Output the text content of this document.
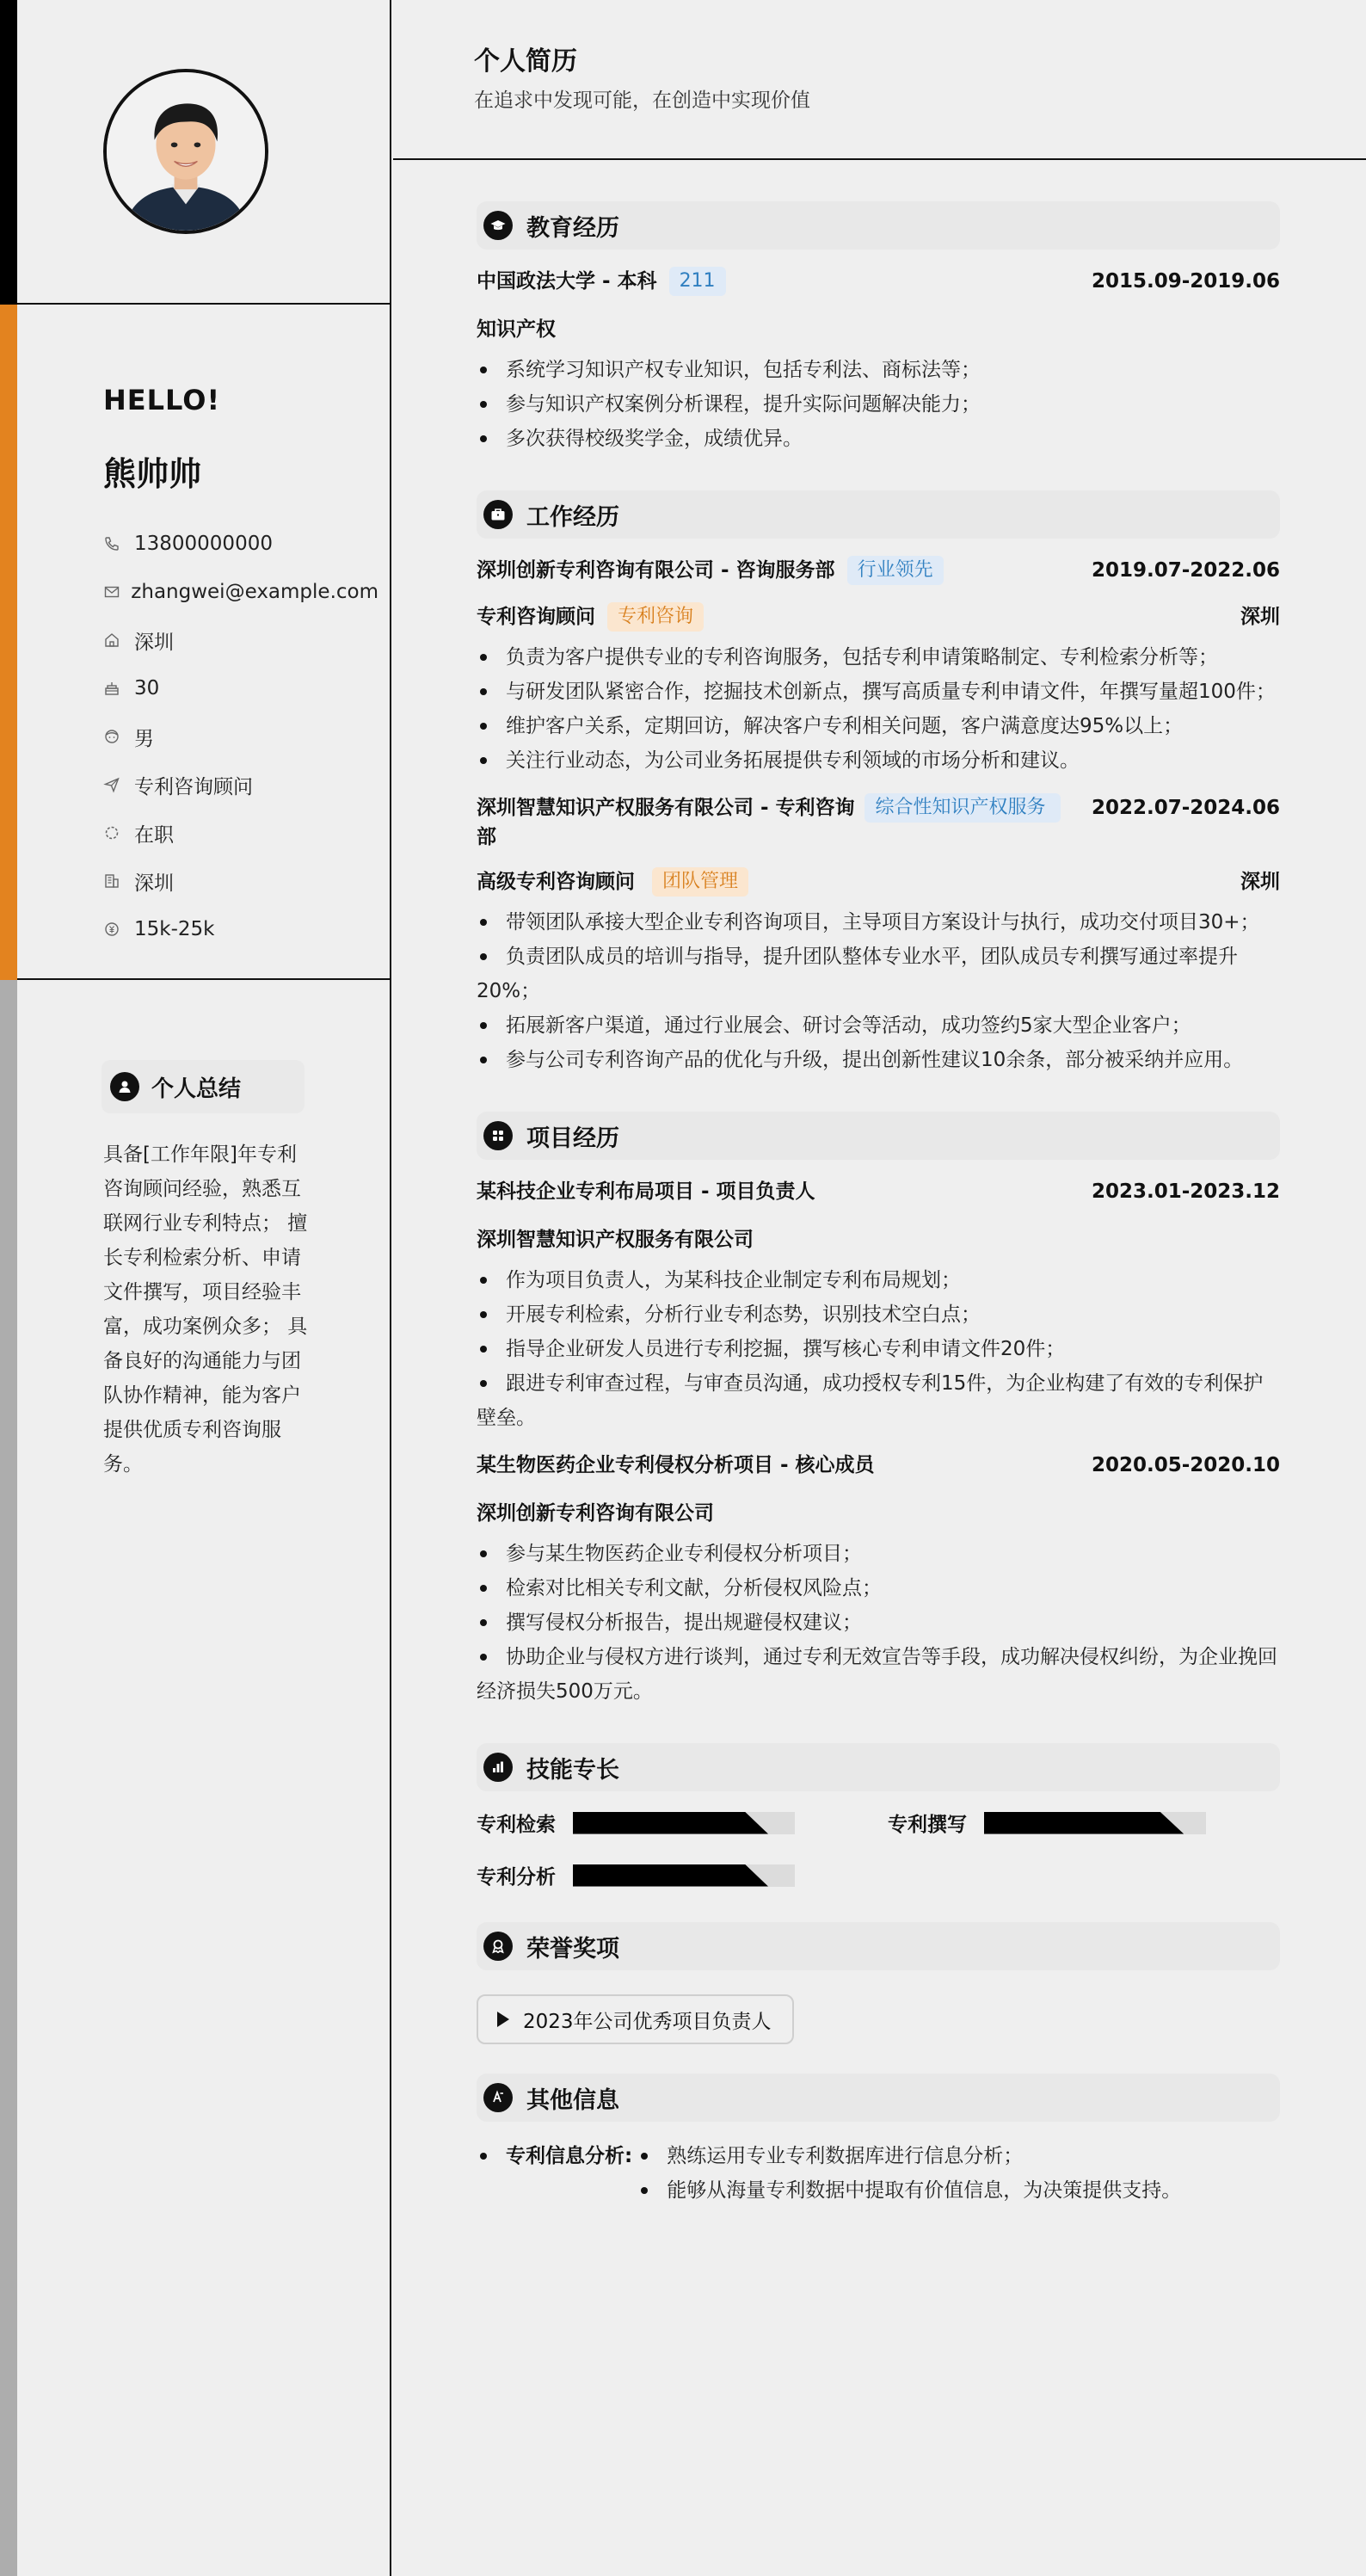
HELLO!
熊帅帅
13800000000
zhangwei@example.com
深圳
30
男
专利咨询顾问
在职
深圳
15k-25k
个人总结
具备[工作年限]年专利咨询顾问经验，熟悉互联网行业专利特点； 擅长专利检索分析、申请文件撰写，项目经验丰富，成功案例众多； 具备良好的沟通能力与团队协作精神，能为客户提供优质专利咨询服务。
个人简历
在追求中发现可能，在创造中实现价值
教育经历
中国政法大学 - 本科 211	2015.09-2019.06
知识产权
系统学习知识产权专业知识，包括专利法、商标法等；
参与知识产权案例分析课程，提升实际问题解决能力；
多次获得校级奖学金，成绩优异。
工作经历
深圳创新专利咨询有限公司 - 咨询服务部 行业领先	2019.07-2022.06
专利咨询顾问 专利咨询	深圳
负责为客户提供专业的专利咨询服务，包括专利申请策略制定、专利检索分析等；
与研发团队紧密合作，挖掘技术创新点，撰写高质量专利申请文件，年撰写量超100件；
维护客户关系，定期回访，解决客户专利相关问题，客户满意度达95%以上；
关注行业动态，为公司业务拓展提供专利领域的市场分析和建议。
深圳智慧知识产权服务有限公司 - 专利咨询部
综合性知识产权服务	2022.07-2024.06
高级专利咨询顾问 团队管理	深圳
带领团队承接大型企业专利咨询项目，主导项目方案设计与执行，成功交付项目30+；
负责团队成员的培训与指导，提升团队整体专业水平，团队成员专利撰写通过率提升20%；
拓展新客户渠道，通过行业展会、研讨会等活动，成功签约5家大型企业客户；
参与公司专利咨询产品的优化与升级，提出创新性建议10余条，部分被采纳并应用。
项目经历
某科技企业专利布局项目 - 项目负责人	2023.01-2023.12
深圳智慧知识产权服务有限公司
作为项目负责人，为某科技企业制定专利布局规划；
开展专利检索，分析行业专利态势，识别技术空白点；
指导企业研发人员进行专利挖掘，撰写核心专利申请文件20件；
跟进专利审查过程，与审查员沟通，成功授权专利15件，为企业构建了有效的专利保护壁垒。
某生物医药企业专利侵权分析项目 - 核心成员	2020.05-2020.10
深圳创新专利咨询有限公司
参与某生物医药企业专利侵权分析项目；
检索对比相关专利文献，分析侵权风险点；
撰写侵权分析报告，提出规避侵权建议；
协助企业与侵权方进行谈判，通过专利无效宣告等手段，成功解决侵权纠纷，为企业挽回经济损失500万元。
技能专长
专利检索	专利撰写
专利分析
荣誉奖项
2023年公司优秀项目负责人
其他信息
专利信息分析:	熟练运用专业专利数据库进行信息分析；
能够从海量专利数据中提取有价值信息，为决策提供支持。
